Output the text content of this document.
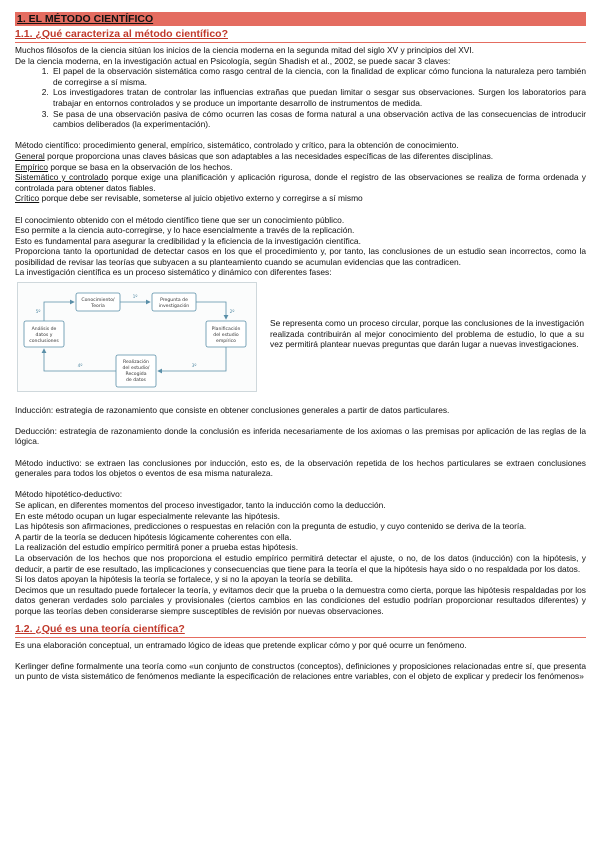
1. EL MÉTODO CIENTÍFICO
1.1. ¿Qué caracteriza al método científico?

Muchos filósofos de la ciencia sitúan los inicios de la ciencia moderna en la segunda mitad del siglo XV y principios del XVI.

De la ciencia moderna, en la investigación actual en Psicología, según Shadish et al., 2002, se puede sacar 3 claves:

1. El papel de la observación sistemática como rasgo central de la ciencia, con la finalidad de explicar cómo funciona la naturaleza pero también de corregirse a sí misma.
2. Los investigadores tratan de controlar las influencias extrañas que puedan limitar o sesgar sus observaciones. Surgen los laboratorios para trabajar en entornos controlados y se produce un importante desarrollo de instrumentos de medida.
3. Se pasa de una observación pasiva de cómo ocurren las cosas de forma natural a una observación activa de las consecuencias de introducir cambios deliberados (la experimentación).

Método científico: procedimiento general, empírico, sistemático, controlado y crítico, para la obtención de conocimiento.

General porque proporciona unas claves básicas que son adaptables a las necesidades específicas de las diferentes disciplinas.

Empírico porque se basa en la observación de los hechos.

Sistemático y controlado porque exige una planificación y aplicación rigurosa, donde el registro de las observaciones se realiza de forma ordenada y controlada para obtener datos fiables.

Crítico porque debe ser revisable, someterse al juicio objetivo externo y corregirse a sí mismo

El conocimiento obtenido con el método científico tiene que ser un conocimiento público.

Eso permite a la ciencia auto-corregirse, y lo hace esencialmente a través de la replicación.

Esto es fundamental para asegurar la credibilidad y la eficiencia de la investigación científica.

Proporciona tanto la oportunidad de detectar casos en los que el procedimiento y, por tanto, las conclusiones de un estudio sean incorrectos, como la posibilidad de revisar las teorías que subyacen a su planteamiento cuando se acumulan evidencias que las contradicen.

La investigación científica es un proceso sistemático y dinámico con diferentes fases:

Conocimiento/
Teoría
Pregunta de
investigación
Planificación
del estudio
empírico
Realización
del estudio/
Recogida
de datos
Análisis de
datos y
conclusiones
1º
2º
3º
4º
5º

Se representa como un proceso circular, porque las conclusiones de la investigación realizada contribuirán al mejor conocimiento del problema de estudio, lo que a su vez permitirá plantear nuevas preguntas que darán lugar a nuevas investigaciones.

Inducción: estrategia de razonamiento que consiste en obtener conclusiones generales a partir de datos particulares.

Deducción: estrategia de razonamiento donde la conclusión es inferida necesariamente de los axiomas o las premisas por aplicación de las reglas de la lógica.

Método inductivo: se extraen las conclusiones por inducción, esto es, de la observación repetida de los hechos particulares se extraen conclusiones generales para todos los objetos o eventos de esa misma naturaleza.

Método hipotético-deductivo:

Se aplican, en diferentes momentos del proceso investigador, tanto la inducción como la deducción.

En este método ocupan un lugar especialmente relevante las hipótesis.

Las hipótesis son afirmaciones, predicciones o respuestas en relación con la pregunta de estudio, y cuyo contenido se deriva de la teoría.

A partir de la teoría se deducen hipótesis lógicamente coherentes con ella.

La realización del estudio empírico permitirá poner a prueba estas hipótesis.

La observación de los hechos que nos proporciona el estudio empírico permitirá detectar el ajuste, o no, de los datos (inducción) con la hipótesis, y deducir, a partir de ese resultado, las implicaciones y consecuencias que tiene para la teoría el que la hipótesis haya sido o no respaldada por los datos.

Si los datos apoyan la hipótesis la teoría se fortalece, y si no la apoyan la teoría se debilita.

Decimos que un resultado puede fortalecer la teoría, y evitamos decir que la prueba o la demuestra como cierta, porque las hipótesis respaldadas por los datos generan verdades solo parciales y provisionales (ciertos cambios en las condiciones del estudio podrían proporcionar resultados diferentes) y porque las teorías deben considerarse siempre susceptibles de revisión por nuevas observaciones.

1.2. ¿Qué es una teoría científica?

Es una elaboración conceptual, un entramado lógico de ideas que pretende explicar cómo y por qué ocurre un fenómeno.

Kerlinger define formalmente una teoría como «un conjunto de constructos (conceptos), definiciones y proposiciones relacionadas entre sí, que presenta un punto de vista sistemático de fenómenos mediante la especificación de relaciones entre variables, con el objeto de explicar y predecir los fenómenos»
